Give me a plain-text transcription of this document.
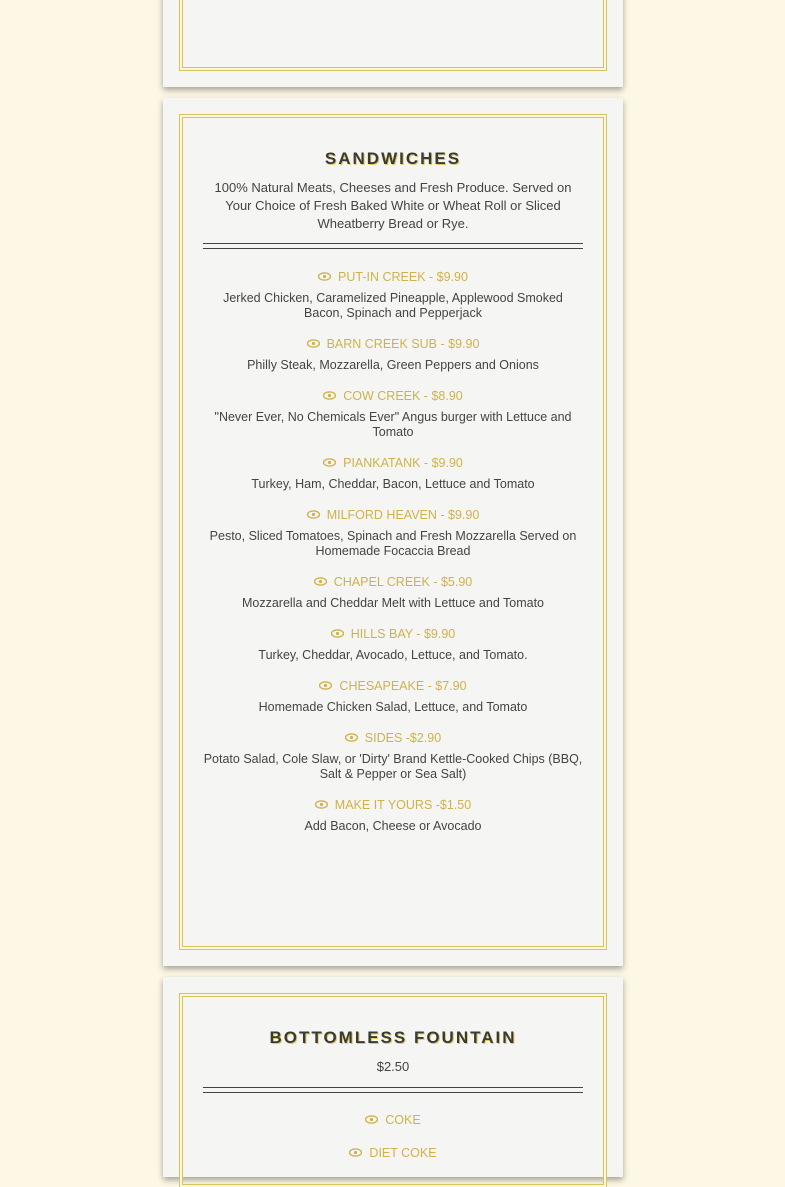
SANDWICHES
100% Natural Meats, Cheeses and Fresh Produce. Served on Your Choice of Fresh Baked White or Wheat Roll or Sliced Wheatberry Bread or Rye.
PUT-IN CREEK - $9.90
Jerked Chicken, Caramelized Pineapple, Applewood Smoked Bacon, Spinach and Pepperjack
BARN CREEK SUB - $9.90
Philly Steak, Mozzarella, Green Peppers and Onions
COW CREEK - $8.90
"Never Ever, No Chemicals Ever" Angus burger with Lettuce and Tomato
PIANKATANK - $9.90
Turkey, Ham, Cheddar, Bacon, Lettuce and Tomato
MILFORD HEAVEN - $9.90
Pesto, Sliced Tomatoes, Spinach and Fresh Mozzarella Served on Homemade Focaccia Bread
CHAPEL CREEK - $5.90
Mozzarella and Cheddar Melt with Lettuce and Tomato
HILLS BAY - $9.90
Turkey, Cheddar, Avocado, Lettuce, and Tomato.
CHESAPEAKE - $7.90
Homemade Chicken Salad, Lettuce, and Tomato
SIDES -$2.90
Potato Salad, Cole Slaw, or 'Dirty' Brand Kettle-Cooked Chips (BBQ, Salt & Pepper or Sea Salt)
MAKE IT YOURS -$1.50
Add Bacon, Cheese or Avocado
BOTTOMLESS FOUNTAIN
$2.50
COKE
DIET COKE
